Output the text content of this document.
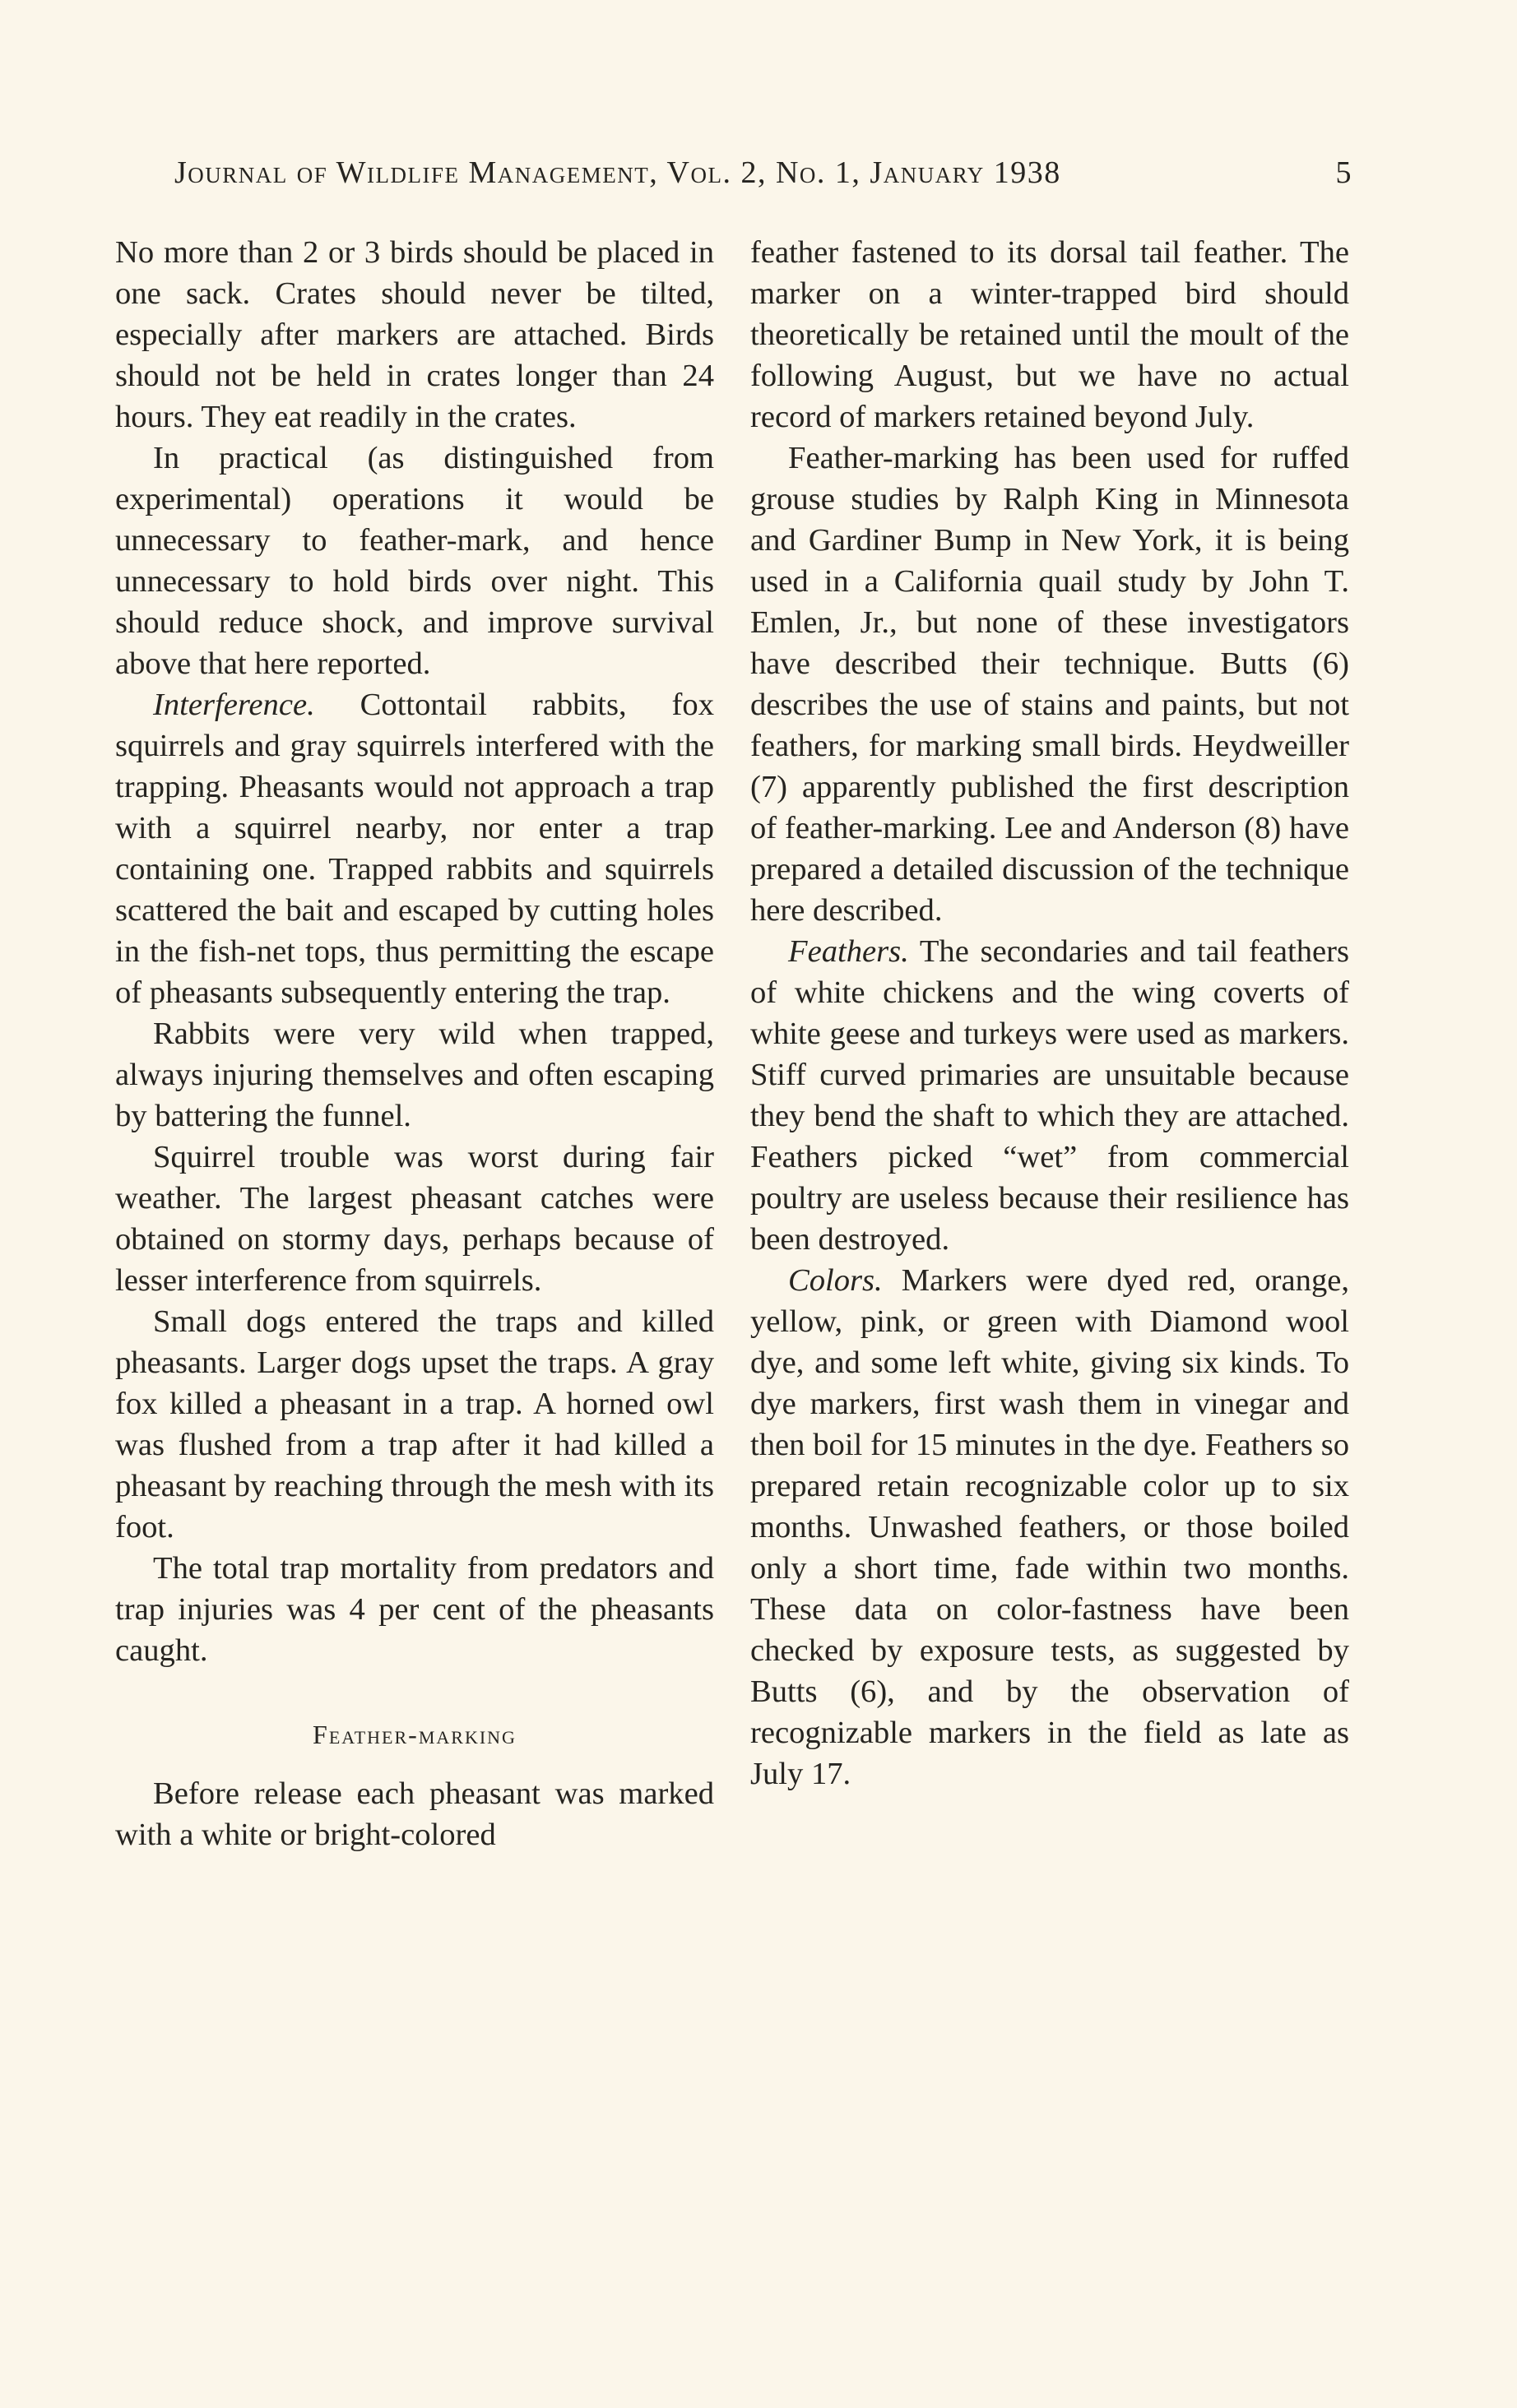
Journal of Wildlife Management, Vol. 2, No. 1, January 1938	5

No more than 2 or 3 birds should be placed in one sack. Crates should never be tilted, especially after markers are attached. Birds should not be held in crates longer than 24 hours. They eat readily in the crates.

In practical (as distinguished from experimental) operations it would be unnecessary to feather-mark, and hence unnecessary to hold birds over night. This should reduce shock, and improve survival above that here reported.

Interference. Cottontail rabbits, fox squirrels and gray squirrels interfered with the trapping. Pheasants would not approach a trap with a squirrel nearby, nor enter a trap containing one. Trapped rabbits and squirrels scattered the bait and escaped by cutting holes in the fish-net tops, thus permitting the escape of pheasants subsequently entering the trap.

Rabbits were very wild when trapped, always injuring themselves and often escaping by battering the funnel.

Squirrel trouble was worst during fair weather. The largest pheasant catches were obtained on stormy days, perhaps because of lesser interference from squirrels.

Small dogs entered the traps and killed pheasants. Larger dogs upset the traps. A gray fox killed a pheasant in a trap. A horned owl was flushed from a trap after it had killed a pheasant by reaching through the mesh with its foot.

The total trap mortality from predators and trap injuries was 4 per cent of the pheasants caught.

Feather-marking

Before release each pheasant was marked with a white or bright-colored

feather fastened to its dorsal tail feather. The marker on a winter-trapped bird should theoretically be retained until the moult of the following August, but we have no actual record of markers retained beyond July.

Feather-marking has been used for ruffed grouse studies by Ralph King in Minnesota and Gardiner Bump in New York, it is being used in a California quail study by John T. Emlen, Jr., but none of these investigators have described their technique. Butts (6) describes the use of stains and paints, but not feathers, for marking small birds. Heydweiller (7) apparently published the first description of feather-marking. Lee and Anderson (8) have prepared a detailed discussion of the technique here described.

Feathers. The secondaries and tail feathers of white chickens and the wing coverts of white geese and turkeys were used as markers. Stiff curved primaries are unsuitable because they bend the shaft to which they are attached. Feathers picked “wet” from commercial poultry are useless because their resilience has been destroyed.

Colors. Markers were dyed red, orange, yellow, pink, or green with Diamond wool dye, and some left white, giving six kinds. To dye markers, first wash them in vinegar and then boil for 15 minutes in the dye. Feathers so prepared retain recognizable color up to six months. Unwashed feathers, or those boiled only a short time, fade within two months. These data on color-fastness have been checked by exposure tests, as suggested by Butts (6), and by the observation of recognizable markers in the field as late as July 17.
